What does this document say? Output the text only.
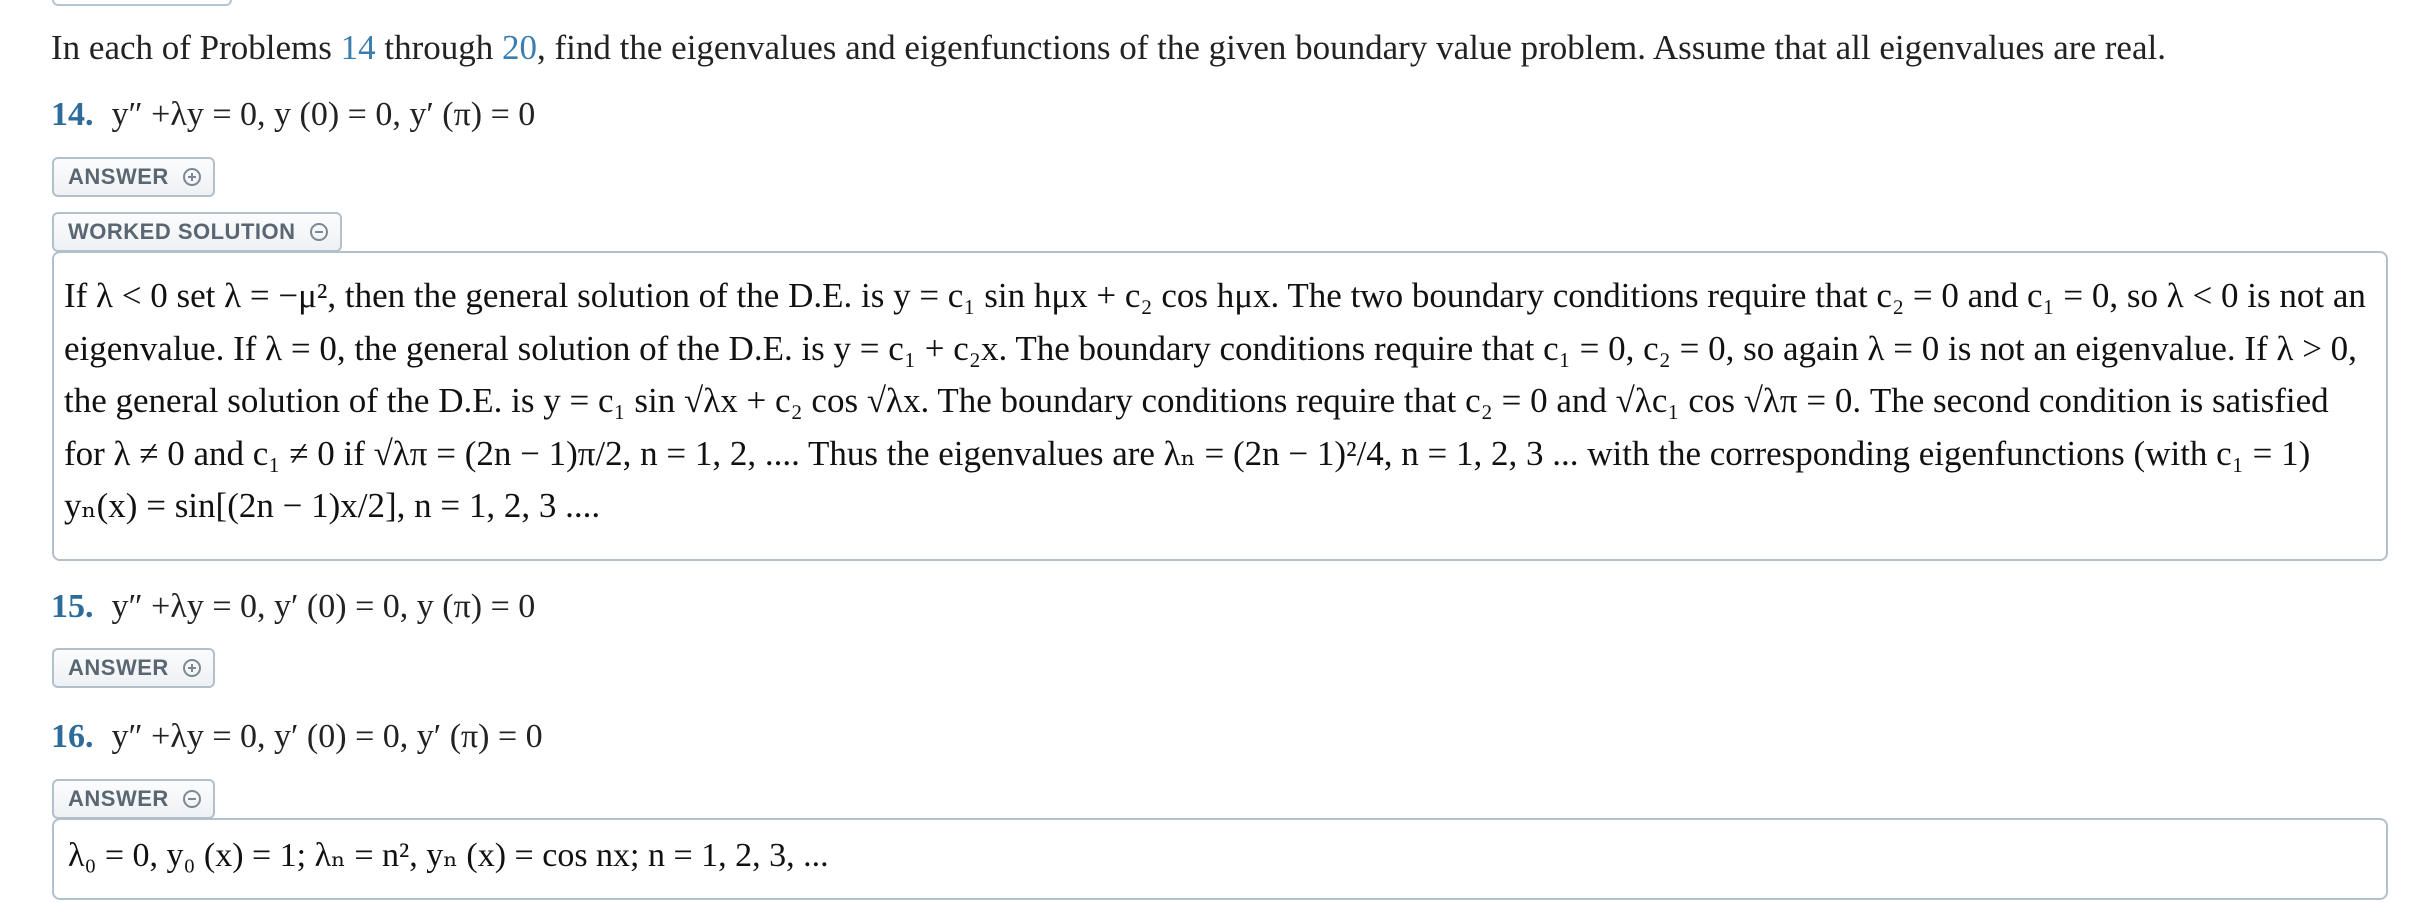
In each of Problems 14 through 20, find the eigenvalues and eigenfunctions of the given boundary value problem. Assume that all eigenvalues are real.
14. y″ +λy = 0, y (0) = 0, y′ (π) = 0
ANSWER
WORKED SOLUTION

If λ < 0 set λ = −μ², then the general solution of the D.E. is y = c₁ sin hμx + c₂ cos hμx. The two boundary conditions require that c₂ = 0 and c₁ = 0, so λ < 0 is not an eigenvalue. If λ = 0, the general solution of the D.E. is y = c₁ + c₂x. The boundary conditions require that c₁ = 0, c₂ = 0, so again λ = 0 is not an eigenvalue. If λ > 0, the general solution of the D.E. is y = c₁ sin √λx + c₂ cos √λx. The boundary conditions require that c₂ = 0 and √λc₁ cos √λπ = 0. The second condition is satisfied for λ ≠ 0 and c₁ ≠ 0 if √λπ = (2n − 1)π/2, n = 1, 2, .... Thus the eigenvalues are λₙ = (2n − 1)²/4, n = 1, 2, 3 ... with the corresponding eigenfunctions (with c₁ = 1) yₙ(x) = sin[(2n − 1)x/2], n = 1, 2, 3 ....

15. y″ +λy = 0, y′ (0) = 0, y (π) = 0
ANSWER
16. y″ +λy = 0, y′ (0) = 0, y′ (π) = 0
ANSWER
λ₀ = 0, y₀ (x) = 1; λₙ = n², yₙ (x) = cos nx; n = 1, 2, 3, ...
